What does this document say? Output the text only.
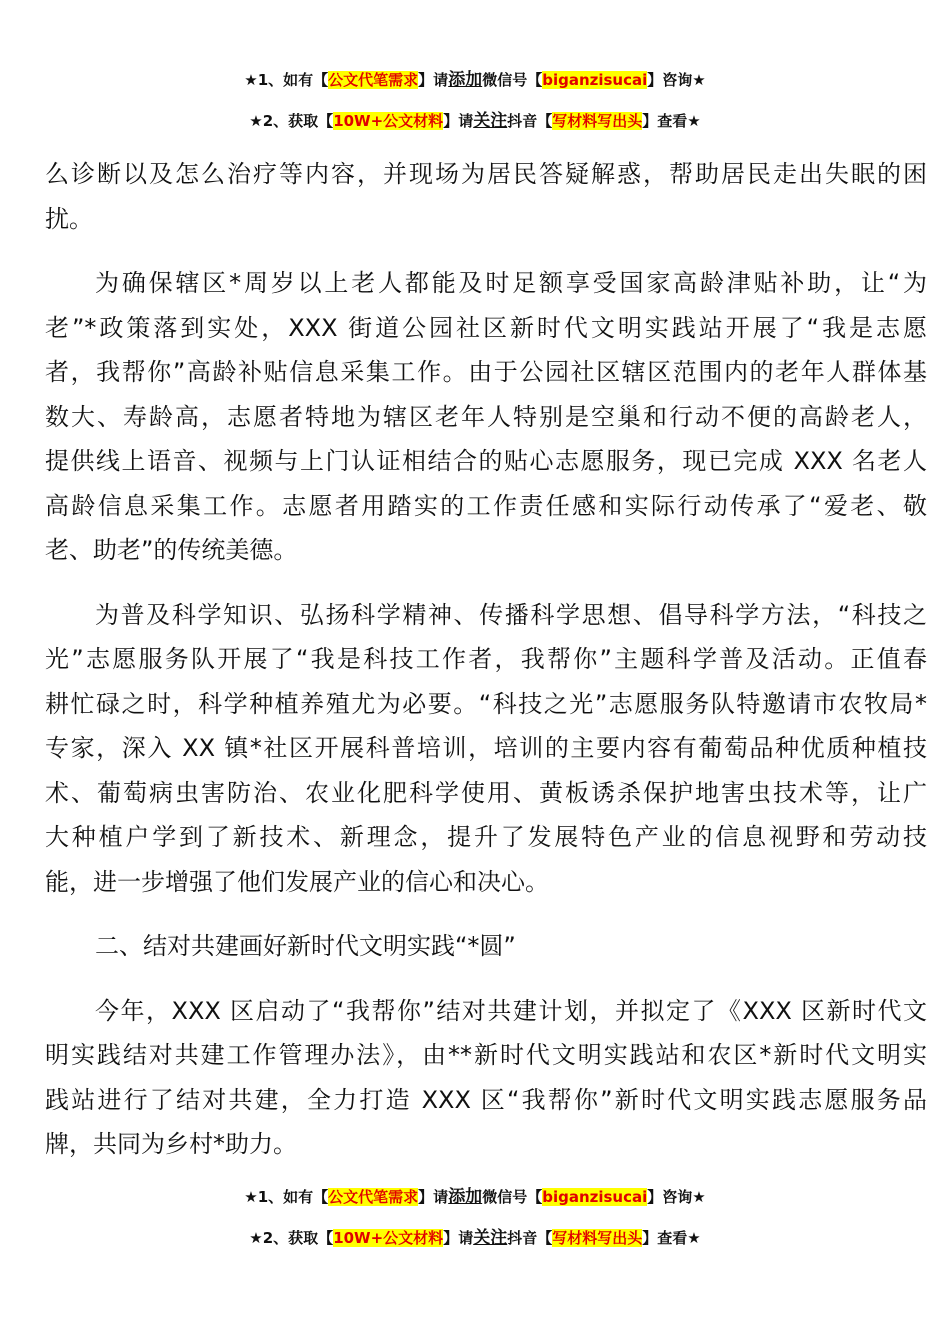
★1、如有【公文代笔需求】请添加微信号【biganzisucai】咨询★
★2、获取【10W+公文材料】请关注抖音【写材料写出头】查看★
么诊断以及怎么治疗等内容，并现场为居民答疑解惑，帮助居民走出失眠的困
扰。
为确保辖区*周岁以上老人都能及时足额享受国家高龄津贴补助，让“为
老”*政策落到实处，XXX 街道公园社区新时代文明实践站开展了“我是志愿
者，我帮你”高龄补贴信息采集工作。由于公园社区辖区范围内的老年人群体基
数大、寿龄高，志愿者特地为辖区老年人特别是空巢和行动不便的高龄老人，
提供线上语音、视频与上门认证相结合的贴心志愿服务，现已完成 XXX 名老人
高龄信息采集工作。志愿者用踏实的工作责任感和实际行动传承了“爱老、敬
老、助老”的传统美德。
为普及科学知识、弘扬科学精神、传播科学思想、倡导科学方法，“科技之
光”志愿服务队开展了“我是科技工作者，我帮你”主题科学普及活动。正值春
耕忙碌之时，科学种植养殖尤为必要。“科技之光”志愿服务队特邀请市农牧局*
专家，深入 XX 镇*社区开展科普培训，培训的主要内容有葡萄品种优质种植技
术、葡萄病虫害防治、农业化肥科学使用、黄板诱杀保护地害虫技术等，让广
大种植户学到了新技术、新理念，提升了发展特色产业的信息视野和劳动技
能，进一步增强了他们发展产业的信心和决心。
二、结对共建画好新时代文明实践“*圆”
今年，XXX 区启动了“我帮你”结对共建计划，并拟定了《XXX 区新时代文
明实践结对共建工作管理办法》，由**新时代文明实践站和农区*新时代文明实
践站进行了结对共建，全力打造 XXX 区“我帮你”新时代文明实践志愿服务品
牌，共同为乡村*助力。
★1、如有【公文代笔需求】请添加微信号【biganzisucai】咨询★
★2、获取【10W+公文材料】请关注抖音【写材料写出头】查看★
